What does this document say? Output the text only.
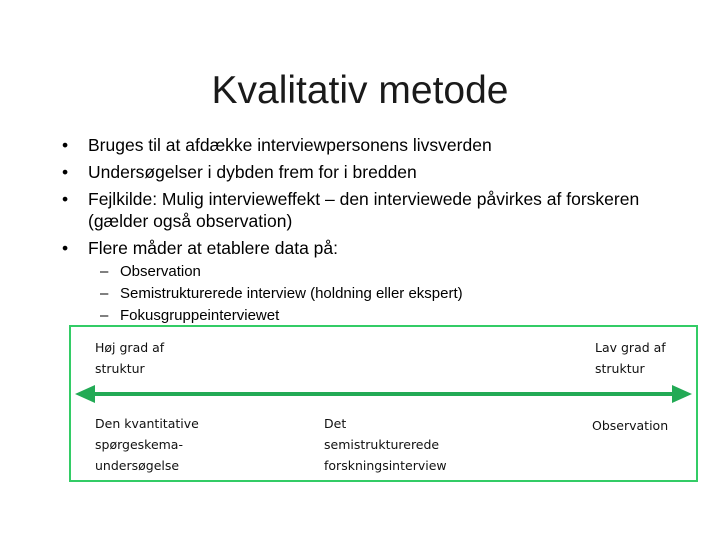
Kvalitativ metode
• Bruges til at afdække interviewpersonens livsverden
• Undersøgelser i dybden frem for i bredden
• Fejlkilde: Mulig intervieweffekt – den interviewede påvirkes af forskeren (gælder også observation)
• Flere måder at etablere data på:
– Observation
– Semistrukturerede interview (holdning eller ekspert)
– Fokusgruppeinterviewet
Høj grad af
struktur
Lav grad af
struktur
Den kvantitative
spørgeskema-
undersøgelse
Det
semistrukturerede
forskningsinterview
Observation
